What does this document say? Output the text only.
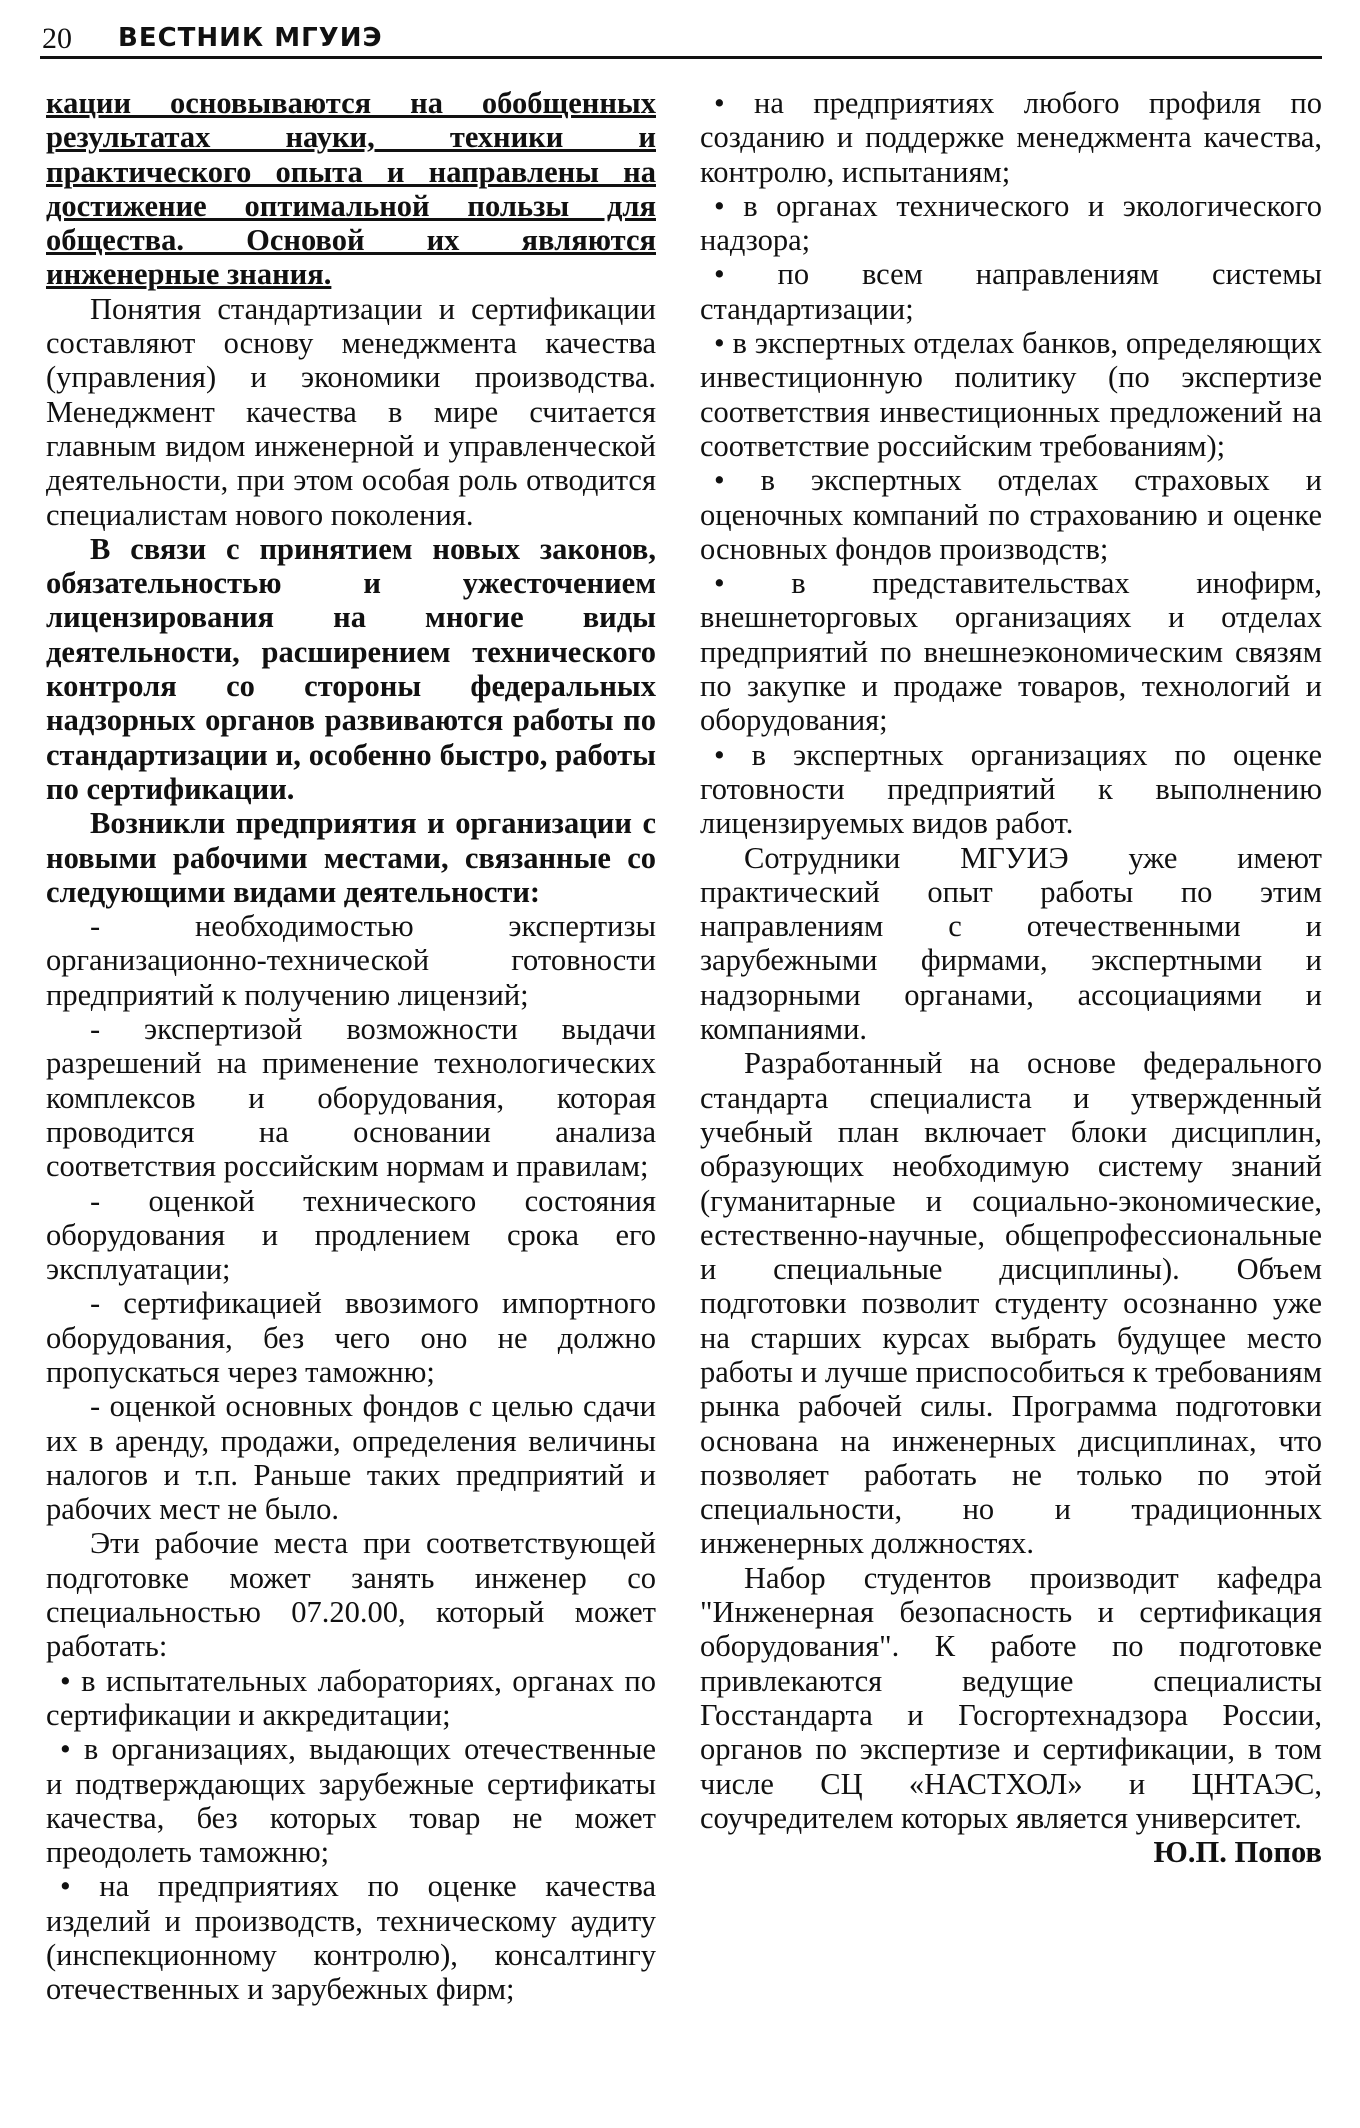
20 ВЕСТНИК МГУИЭ

кации основываются на обобщенных результатах науки, техники и практического опыта и направлены на достижение оптимальной пользы для общества. Основой их являются инженерные знания.

Понятия стандартизации и сертификации составляют основу менеджмента качества (управления) и экономики производства. Менеджмент качества в мире считается главным видом инженерной и управленческой деятельности, при этом особая роль отводится специалистам нового поколения.

В связи с принятием новых законов, обязательностью и ужесточением лицензирования на многие виды деятельности, расширением технического контроля со стороны федеральных надзорных органов развиваются работы по стандартизации и, особенно быстро, работы по сертификации.

Возникли предприятия и организации с новыми рабочими местами, связанные со следующими видами деятельности:

- необходимостью экспертизы организационно-технической готовности предприятий к получению лицензий;

- экспертизой возможности выдачи разрешений на применение технологических комплексов и оборудования, которая проводится на основании анализа соответствия российским нормам и правилам;

- оценкой технического состояния оборудования и продлением срока его эксплуатации;

- сертификацией ввозимого импортного оборудования, без чего оно не должно пропускаться через таможню;

- оценкой основных фондов с целью сдачи их в аренду, продажи, определения величины налогов и т.п. Раньше таких предприятий и рабочих мест не было.

Эти рабочие места при соответствующей подготовке может занять инженер со специальностью 07.20.00, который может работать:

• в испытательных лабораториях, органах по сертификации и аккредитации;

• в организациях, выдающих отечественные и подтверждающих зарубежные сертификаты качества, без которых товар не может преодолеть таможню;

• на предприятиях по оценке качества изделий и производств, техническому аудиту (инспекционному контролю), консалтингу отечественных и зарубежных фирм;

• на предприятиях любого профиля по созданию и поддержке менеджмента качества, контролю, испытаниям;

• в органах технического и экологического надзора;

• по всем направлениям системы стандартизации;

• в экспертных отделах банков, определяющих инвестиционную политику (по экспертизе соответствия инвестиционных предложений на соответствие российским требованиям);

• в экспертных отделах страховых и оценочных компаний по страхованию и оценке основных фондов производств;

• в представительствах инофирм, внешнеторговых организациях и отделах предприятий по внешнеэкономическим связям по закупке и продаже товаров, технологий и оборудования;

• в экспертных организациях по оценке готовности предприятий к выполнению лицензируемых видов работ.

Сотрудники МГУИЭ уже имеют практический опыт работы по этим направлениям с отечественными и зарубежными фирмами, экспертными и надзорными органами, ассоциациями и компаниями.

Разработанный на основе федерального стандарта специалиста и утвержденный учебный план включает блоки дисциплин, образующих необходимую систему знаний (гуманитарные и социально-экономические, естественно-научные, общепрофессиональные и специальные дисциплины). Объем подготовки позволит студенту осознанно уже на старших курсах выбрать будущее место работы и лучше приспособиться к требованиям рынка рабочей силы. Программа подготовки основана на инженерных дисциплинах, что позволяет работать не только по этой специальности, но и традиционных инженерных должностях.

Набор студентов производит кафедра "Инженерная безопасность и сертификация оборудования". К работе по подготовке привлекаются ведущие специалисты Госстандарта и Госгортехнадзора России, органов по экспертизе и сертификации, в том числе СЦ «НАСТХОЛ» и ЦНТАЭС, соучредителем которых является университет.

Ю.П. Попов
